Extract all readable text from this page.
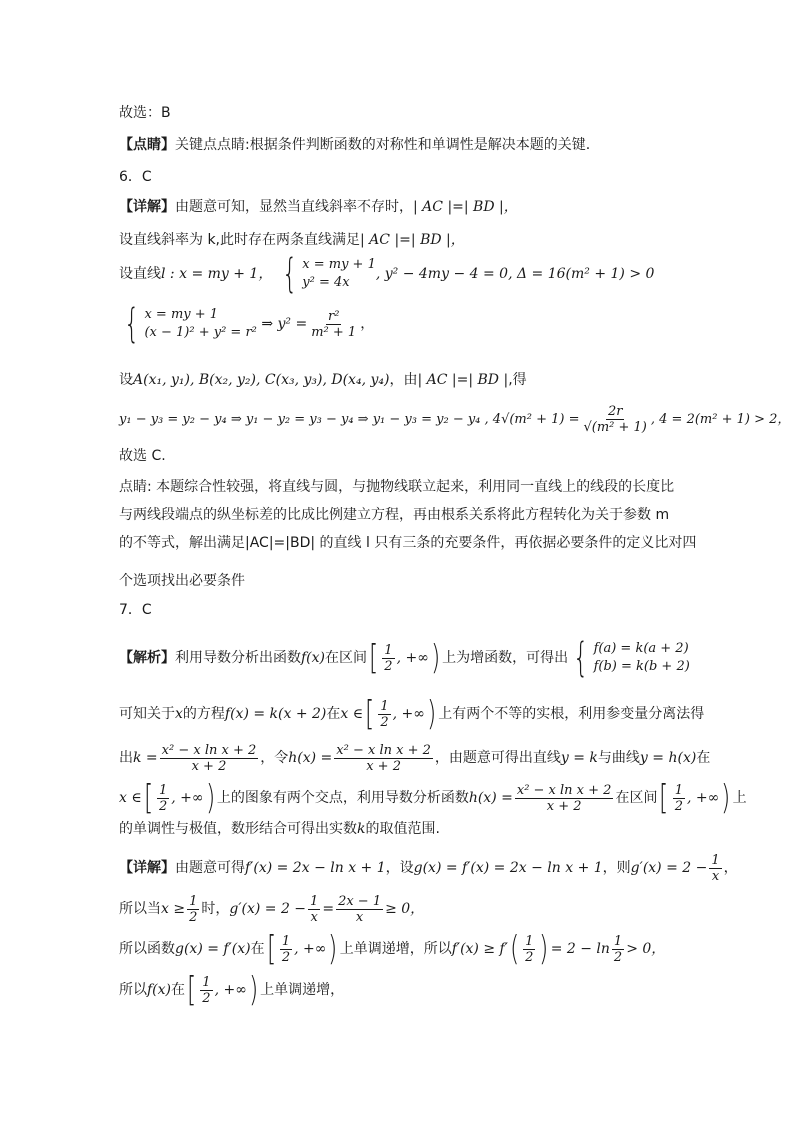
故选：B
【点睛】关键点点睛:根据条件判断函数的对称性和单调性是解决本题的关键.
6．C
【详解】由题意可知，显然当直线斜率不存时，| AC |=| BD |，
设直线斜率为 k,此时存在两条直线满足| AC |=| BD |，
设直线l : x = my + 1， { x = my + 1
y² = 4x
, y² − 4my − 4 = 0, Δ = 16(m² + 1) > 0
{ x = my + 1
(x − 1)² + y² = r²
⇒ $y^2 = \frac{\text{r²}}{\text{m² + 1}}$ ，
设A(x₁, y₁), B(x₂, y₂), C(x₃, y₃), D(x₄, y₄)，由| AC |=| BD |,得
y₁ − y₃ = y₂ − y₄ ⇒ y₁ − y₂ = y₃ − y₄ ⇒ y₁ − y₃ = y₂ − y₄ , $4√(m^2 + 1) = \frac{2r}{\text{√(m² + 1)}}$ , 4 = 2(m² + 1) > 2，
故选 C.
点睛: 本题综合性较强，将直线与圆，与抛物线联立起来，利用同一直线上的线段的长度比
与两线段端点的纵坐标差的比成比例建立方程，再由根系关系将此方程转化为关于参数 m
的不等式，解出满足|AC|=|BD| 的直线 l 只有三条的充要条件，再依据必要条件的定义比对四
个选项找出必要条件
7．C
【解析】利用导数分析出函数f(x)在区间[ $\frac{1}{2}$ , +∞) 上为增函数，可得出 { f(a) = k(a + 2)
f(b) = k(b + 2)
可知关于x的方程f(x) = k(x + 2)在x ∈[ $\frac{1}{2}$ , +∞) 上有两个不等的实根，利用参变量分离法得
出$k = \frac{\text{x² − x ln x + 2}}{x + 2}$ ，令$h(x) = \frac{\text{x² − x ln x + 2}}{x + 2}$ ，由题意可得出直线y = k与曲线y = h(x)在
x ∈[ $\frac{1}{2}$ , +∞) 上的图象有两个交点，利用导数分析函数$h(x) = \frac{\text{x² − x ln x + 2}}{x + 2}$ 在区间[ $\frac{1}{2}$ , +∞) 上
的单调性与极值，数形结合可得出实数k的取值范围.
【详解】由题意可得f′(x) = 2x − ln x + 1，设g(x) = f′(x) = 2x − ln x + 1，则$g'(x) = 2 - \frac{1}{x}$ ，
所以当$x \ge \frac{1}{2}$ 时，$g'(x) = 2 - \frac{1}{x} = \frac{2x - 1}{x} \ge 0$，
所以函数g(x) = f′(x)在[ $\frac{1}{2}$ , +∞) 上单调递增，所以$f'(x) \ge f'( \frac{1}{2}$ ) = $2 - \ln \frac{1}{2} > 0$，
所以f(x)在[ $\frac{1}{2}$ , +∞) 上单调递增，
